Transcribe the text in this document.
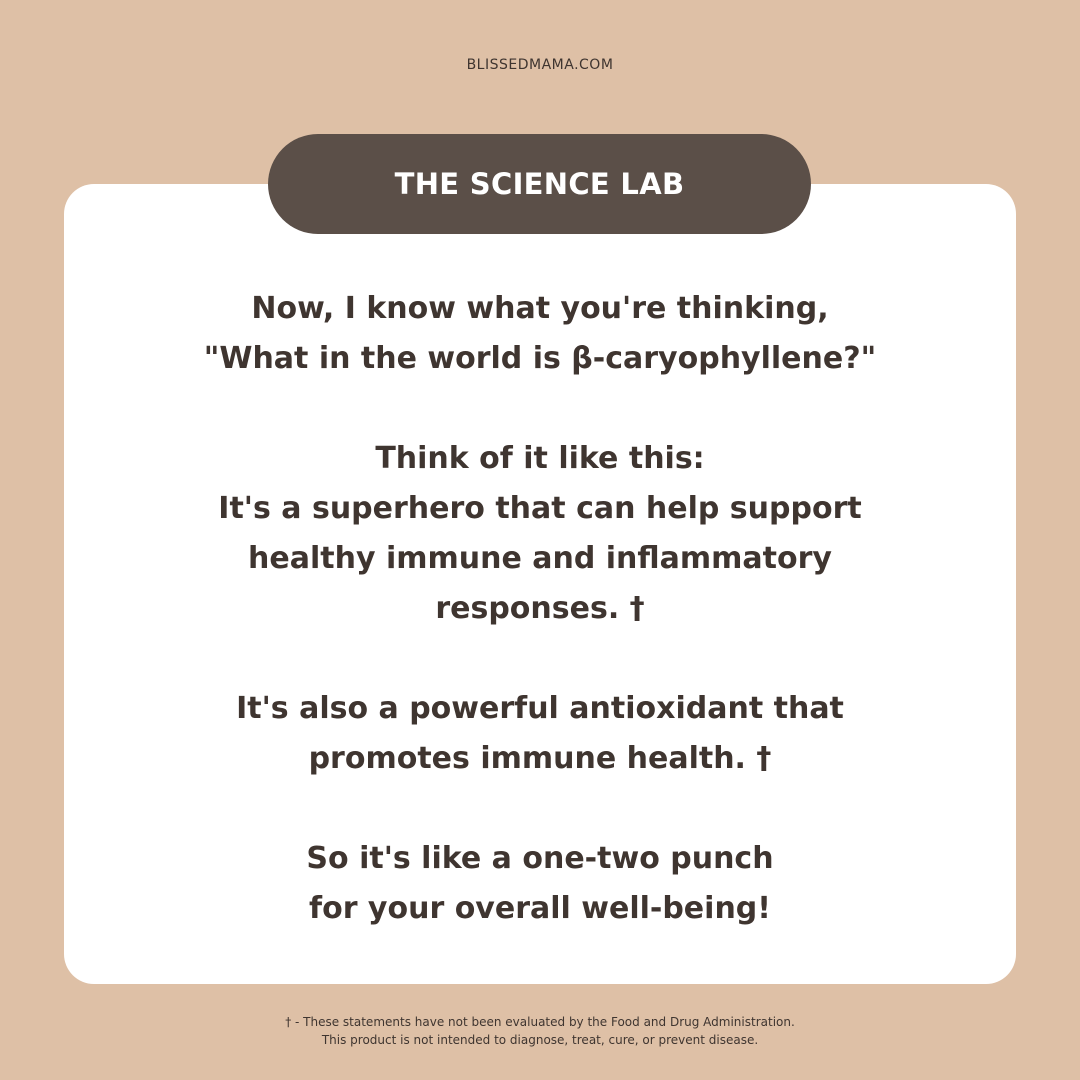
BLISSEDMAMA.COM
THE SCIENCE LAB
Now, I know what you're thinking,
"What in the world is β-caryophyllene?"
Think of it like this:
It's a superhero that can help support
healthy immune and inflammatory
responses. †
It's also a powerful antioxidant that
promotes immune health. †
So it's like a one-two punch
for your overall well-being!
† - These statements have not been evaluated by the Food and Drug Administration.
This product is not intended to diagnose, treat, cure, or prevent disease.
